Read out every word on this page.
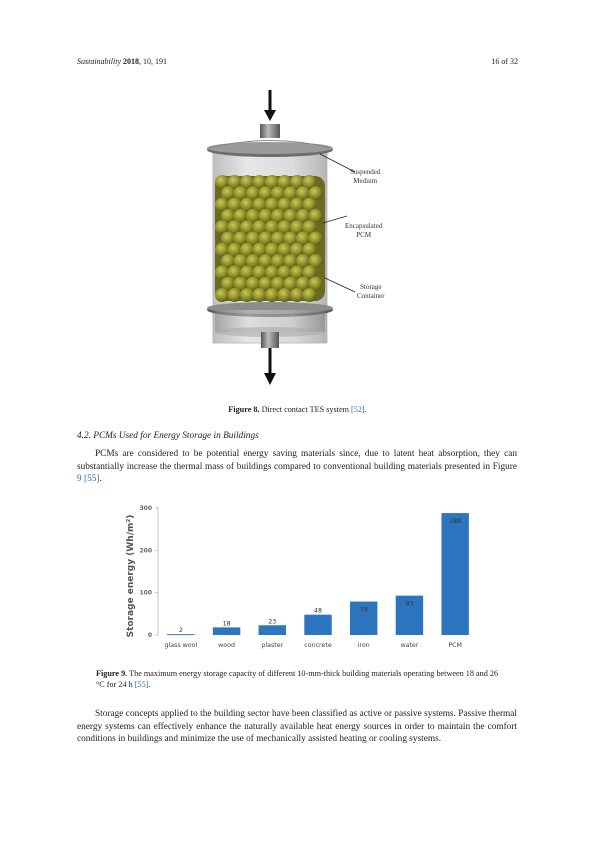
Sustainability 2018, 10, 191	16 of 32
Suspended
Medium
Encapsulated
PCM
Storage
Container
Figure 8. Direct contact TES system [52].
4.2. PCMs Used for Energy Storage in Buildings

PCMs are considered to be potential energy saving materials since, due to latent heat absorption, they can substantially increase the thermal mass of buildings compared to conventional building materials presented in Figure 9 [55].

Storage energy (Wh/m²) 0
100
200
300
2
glass wool
18
wood
23
plaster
48
concrete
79
iron
93
water
288
PCM
Figure 9. The maximum energy storage capacity of different 10-mm-thick building materials operating between 18 and 26 °C for 24 h [55].

Storage concepts applied to the building sector have been classified as active or passive systems. Passive thermal energy systems can effectively enhance the naturally available heat energy sources in order to maintain the comfort conditions in buildings and minimize the use of mechanically assisted heating or cooling systems.
